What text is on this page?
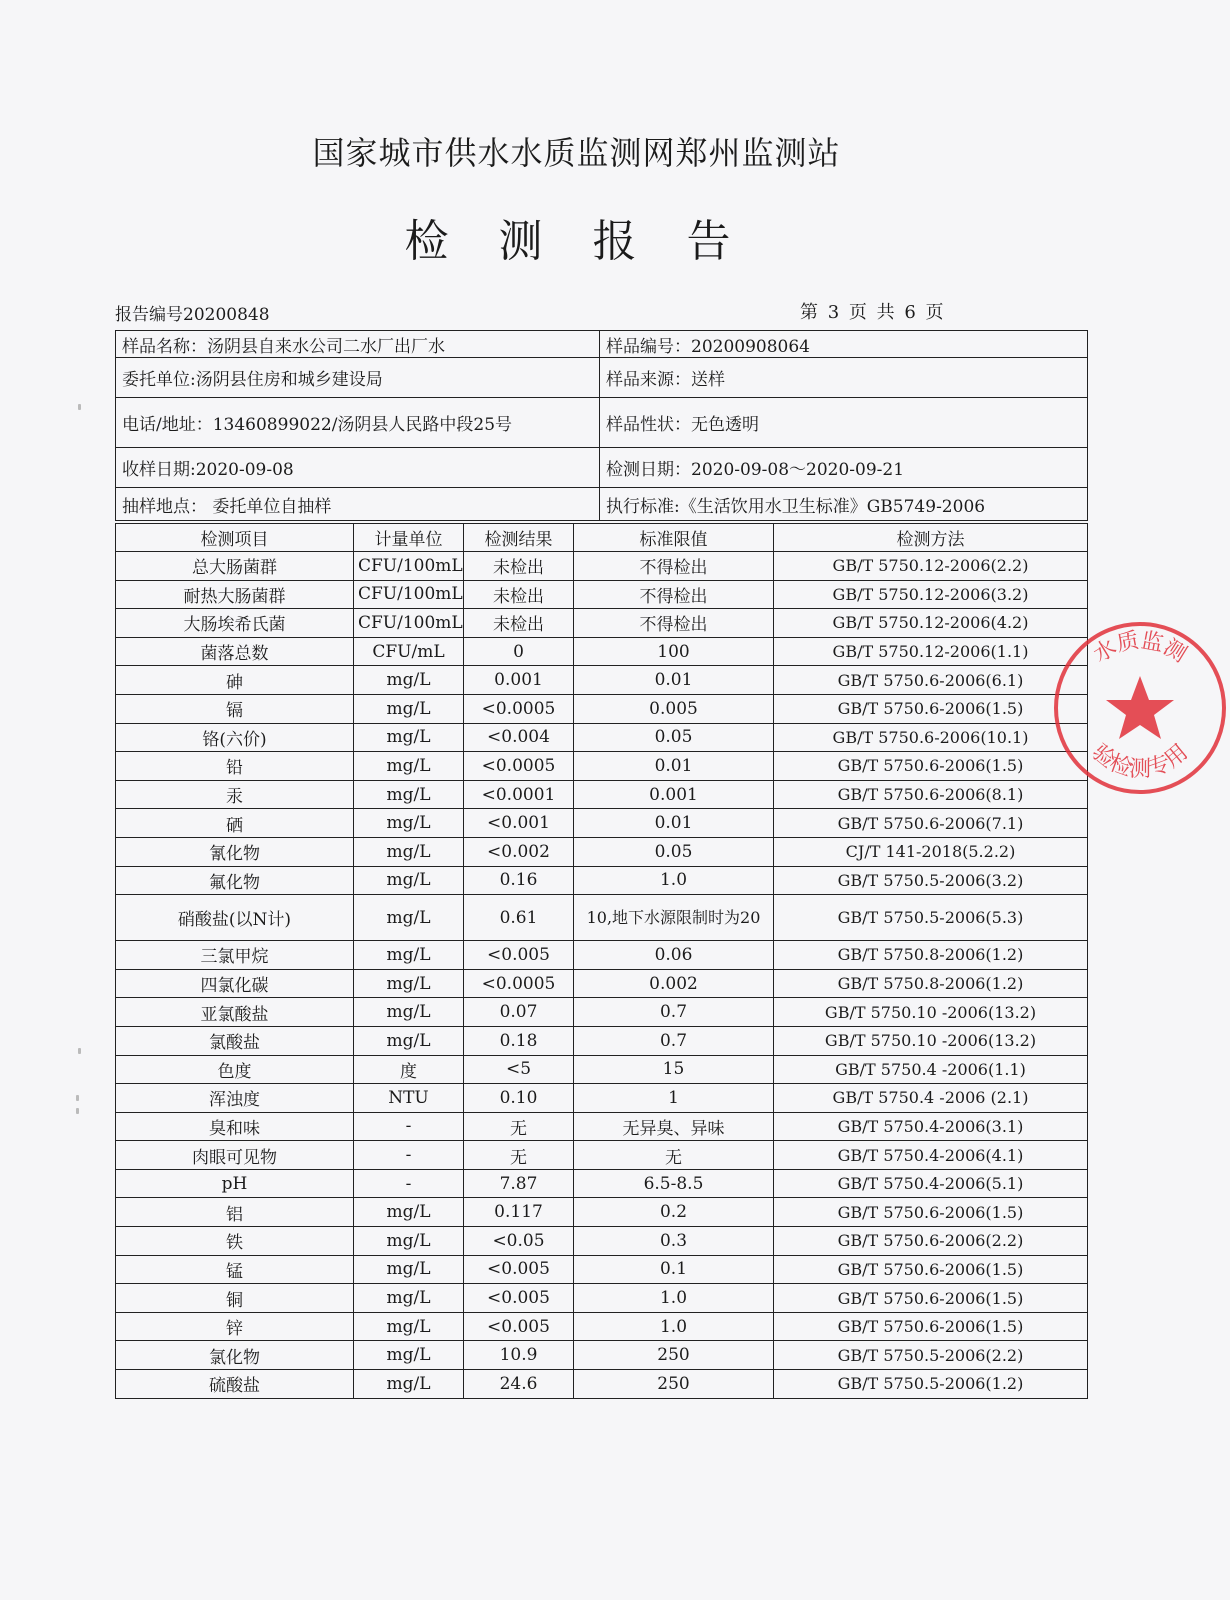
国家城市供水水质监测网郑州监测站
检 测 报 告
报告编号20200848	第 3 页 共 6 页
样品名称：汤阴县自来水公司二水厂出厂水	样品编号：20200908064
委托单位:汤阴县住房和城乡建设局	样品来源：送样
电话/地址：13460899022/汤阴县人民路中段25号	样品性状：无色透明
收样日期:2020-09-08	检测日期：2020-09-08～2020-09-21
抽样地点： 委托单位自抽样	执行标准:《生活饮用水卫生标准》GB5749-2006
检测项目	计量单位	检测结果	标准限值	检测方法
总大肠菌群	CFU/100mL	未检出	不得检出	GB/T 5750.12-2006(2.2)
耐热大肠菌群	CFU/100mL	未检出	不得检出	GB/T 5750.12-2006(3.2)
大肠埃希氏菌	CFU/100mL	未检出	不得检出	GB/T 5750.12-2006(4.2)
菌落总数	CFU/mL	0	100	GB/T 5750.12-2006(1.1)
砷	mg/L	0.001	0.01	GB/T 5750.6-2006(6.1)
镉	mg/L	<0.0005	0.005	GB/T 5750.6-2006(1.5)
铬(六价)	mg/L	<0.004	0.05	GB/T 5750.6-2006(10.1)
铅	mg/L	<0.0005	0.01	GB/T 5750.6-2006(1.5)
汞	mg/L	<0.0001	0.001	GB/T 5750.6-2006(8.1)
硒	mg/L	<0.001	0.01	GB/T 5750.6-2006(7.1)
氰化物	mg/L	<0.002	0.05	CJ/T 141-2018(5.2.2)
氟化物	mg/L	0.16	1.0	GB/T 5750.5-2006(3.2)
硝酸盐(以N计)	mg/L	0.61	10,地下水源限制时为20	GB/T 5750.5-2006(5.3)
三氯甲烷	mg/L	<0.005	0.06	GB/T 5750.8-2006(1.2)
四氯化碳	mg/L	<0.0005	0.002	GB/T 5750.8-2006(1.2)
亚氯酸盐	mg/L	0.07	0.7	GB/T 5750.10 -2006(13.2)
氯酸盐	mg/L	0.18	0.7	GB/T 5750.10 -2006(13.2)
色度	度	<5	15	GB/T 5750.4 -2006(1.1)
浑浊度	NTU	0.10	1	GB/T 5750.4 -2006 (2.1)
臭和味	-	无	无异臭、异味	GB/T 5750.4-2006(3.1)
肉眼可见物	-	无	无	GB/T 5750.4-2006(4.1)
pH	-	7.87	6.5-8.5	GB/T 5750.4-2006(5.1)
铝	mg/L	0.117	0.2	GB/T 5750.6-2006(1.5)
铁	mg/L	<0.05	0.3	GB/T 5750.6-2006(2.2)
锰	mg/L	<0.005	0.1	GB/T 5750.6-2006(1.5)
铜	mg/L	<0.005	1.0	GB/T 5750.6-2006(1.5)
锌	mg/L	<0.005	1.0	GB/T 5750.6-2006(1.5)
氯化物	mg/L	10.9	250	GB/T 5750.5-2006(2.2)
硫酸盐	mg/L	24.6	250	GB/T 5750.5-2006(1.2)
水质监测
验检测专用
